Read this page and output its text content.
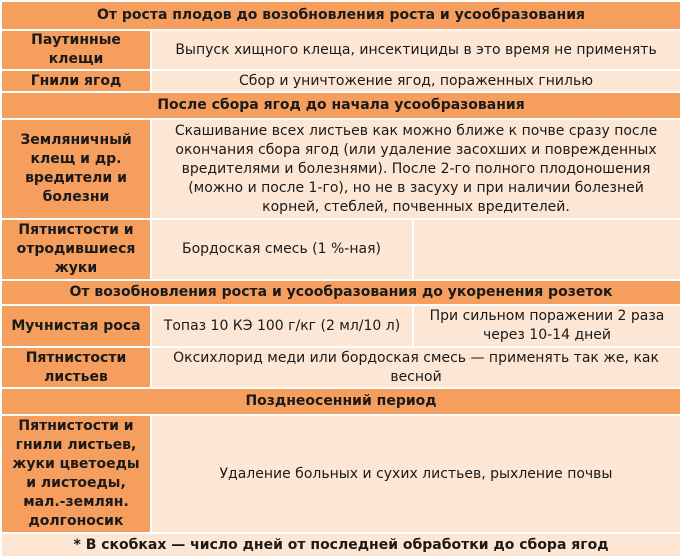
От роста плодов до возобновления роста и усообразования		
Паутинные клещи	Выпуск хищного клеща, инсектициды в это время не применять	
Гнили ягод	Сбор и уничтожение ягод, пораженных гнилью	
После сбора ягод до начала усообразования		
Земляничный клещ и др. вредители и болезни	Скашивание всех листьев как можно ближе к почве сразу после окончания сбора ягод (или удаление засохших и поврежденных вредителями и болезнями). После 2-го полного плодоношения (можно и после 1-го), но не в засуху и при наличии болезней корней, стеблей, почвенных вредителей.	
Пятнистости и отродившиеся жуки	Бордоская смесь (1 %-ная)	
От возобновления роста и усообразования до укоренения розеток		
Мучнистая роса	Топаз 10 КЭ 100 г/кг (2 мл/10 л)	При сильном поражении 2 раза через 10-14 дней
Пятнистости листьев	Оксихлорид меди или бордоская смесь — применять так же, как весной	
Позднеосенний период		
Пятнистости и гнили листьев, жуки цветоеды и листоеды, мал.-землян. долгоносик	Удаление больных и сухих листьев, рыхление почвы	
* В скобках — число дней от последней обработки до сбора ягод		
